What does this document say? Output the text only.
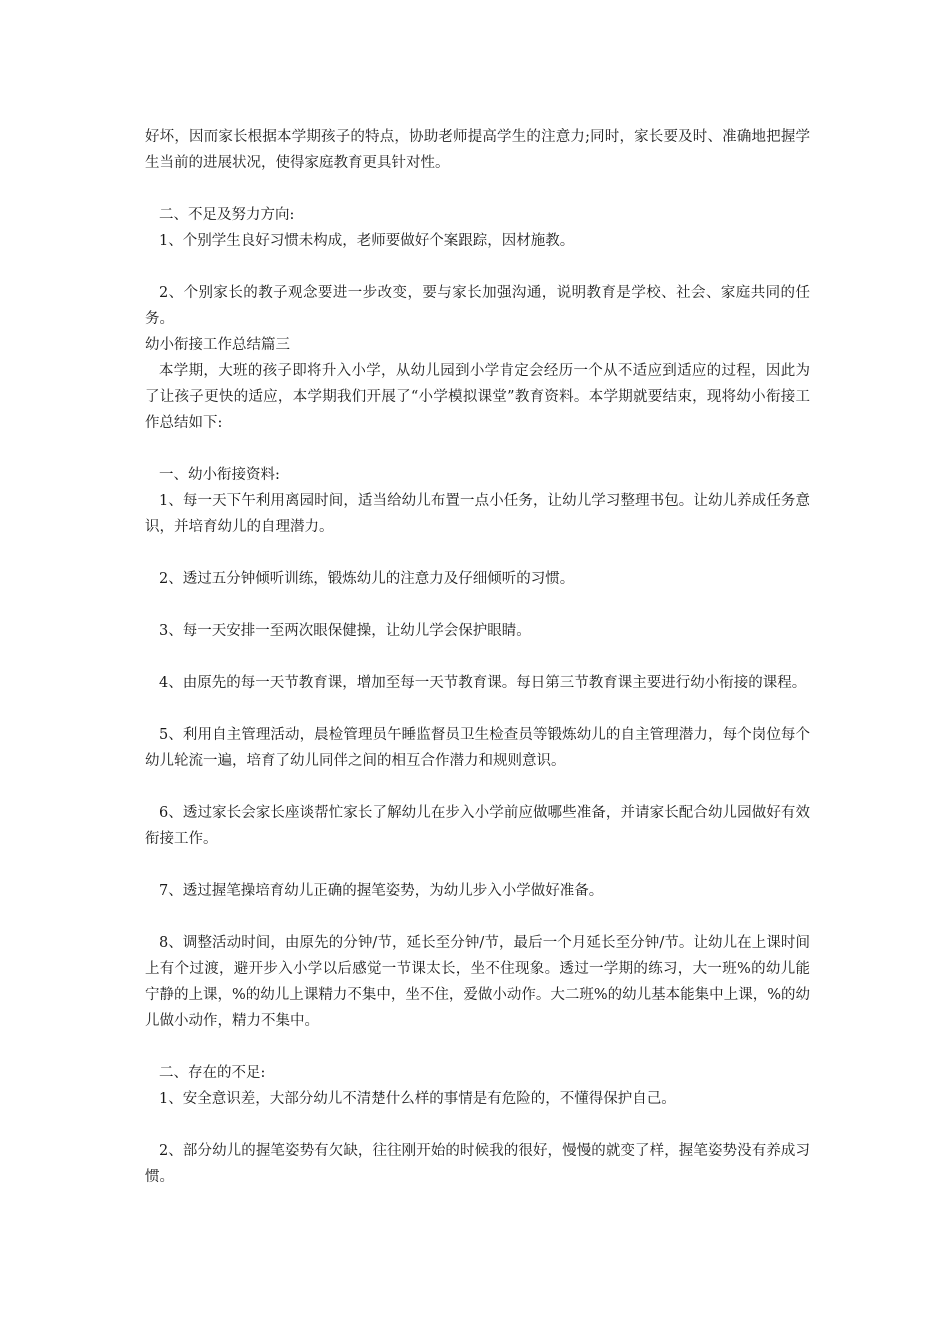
好坏，因而家长根据本学期孩子的特点，协助老师提高学生的注意力;同时，家长要及时、准确地把握学生当前的进展状况，使得家庭教育更具针对性。

二、不足及努力方向:

1、个别学生良好习惯未构成，老师要做好个案跟踪，因材施教。

2、个别家长的教子观念要进一步改变，要与家长加强沟通，说明教育是学校、社会、家庭共同的任务。

幼小衔接工作总结篇三

本学期，大班的孩子即将升入小学，从幼儿园到小学肯定会经历一个从不适应到适应的过程，因此为了让孩子更快的适应，本学期我们开展了“小学模拟课堂”教育资料。本学期就要结束，现将幼小衔接工作总结如下:

一、幼小衔接资料:

1、每一天下午利用离园时间，适当给幼儿布置一点小任务，让幼儿学习整理书包。让幼儿养成任务意识，并培育幼儿的自理潜力。

2、透过五分钟倾听训练，锻炼幼儿的注意力及仔细倾听的习惯。

3、每一天安排一至两次眼保健操，让幼儿学会保护眼睛。

4、由原先的每一天节教育课，增加至每一天节教育课。每日第三节教育课主要进行幼小衔接的课程。

5、利用自主管理活动，晨检管理员午睡监督员卫生检查员等锻炼幼儿的自主管理潜力，每个岗位每个幼儿轮流一遍，培育了幼儿同伴之间的相互合作潜力和规则意识。

6、透过家长会家长座谈帮忙家长了解幼儿在步入小学前应做哪些准备，并请家长配合幼儿园做好有效衔接工作。

7、透过握笔操培育幼儿正确的握笔姿势，为幼儿步入小学做好准备。

8、调整活动时间，由原先的分钟/节，延长至分钟/节，最后一个月延长至分钟/节。让幼儿在上课时间上有个过渡，避开步入小学以后感觉一节课太长，坐不住现象。透过一学期的练习，大一班%的幼儿能宁静的上课，%的幼儿上课精力不集中，坐不住，爱做小动作。大二班%的幼儿基本能集中上课，%的幼儿做小动作，精力不集中。

二、存在的不足:

1、安全意识差，大部分幼儿不清楚什么样的事情是有危险的，不懂得保护自己。

2、部分幼儿的握笔姿势有欠缺，往往刚开始的时候我的很好，慢慢的就变了样，握笔姿势没有养成习惯。
